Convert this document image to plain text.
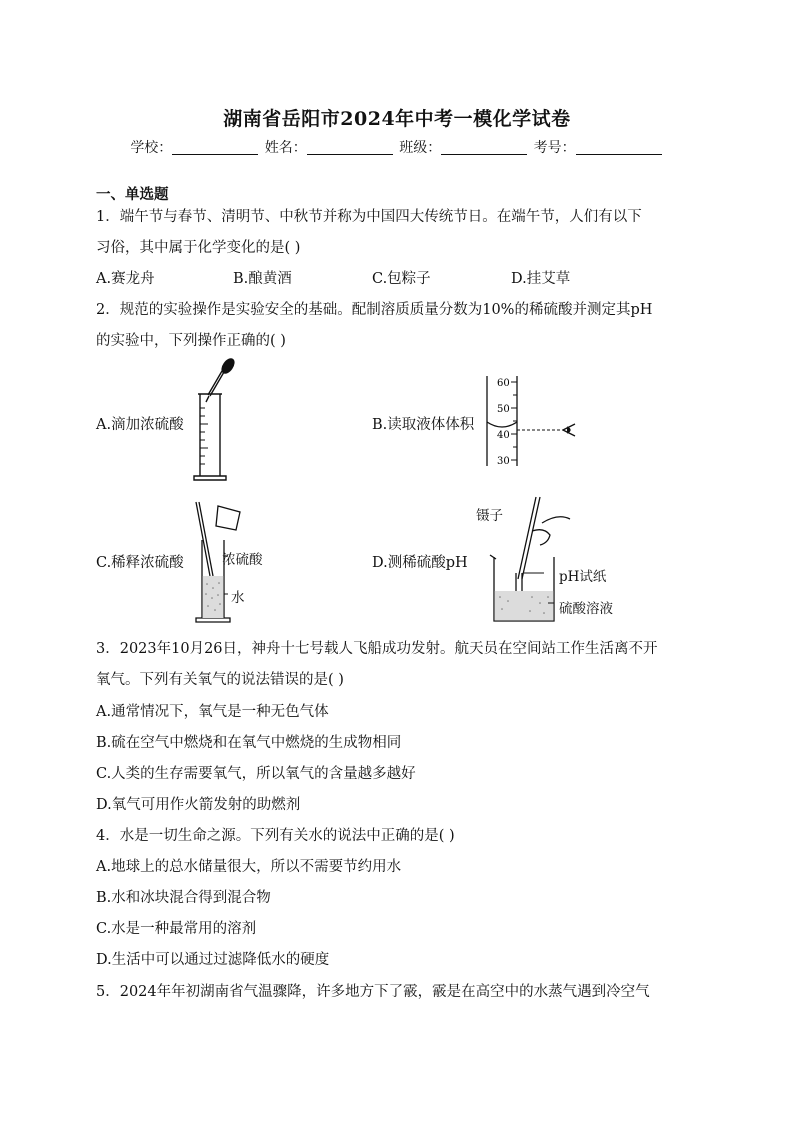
湖南省岳阳市2024年中考一模化学试卷
学校：	姓名：	班级：	考号：
一、单选题
1．端午节与春节、清明节、中秋节并称为中国四大传统节日。在端午节，人们有以下
习俗，其中属于化学变化的是( )
A.赛龙舟	B.酿黄酒	C.包粽子	D.挂艾草
2．规范的实验操作是实验安全的基础。配制溶质质量分数为10%的稀硫酸并测定其pH
的实验中，下列操作正确的( )
A.滴加浓硫酸	B.读取液体体积
C.稀释浓硫酸	D.测稀硫酸pH
60
50
40
30
浓硫酸
水
镊子
pH试纸
硫酸溶液
3．2023年10月26日，神舟十七号载人飞船成功发射。航天员在空间站工作生活离不开
氧气。下列有关氧气的说法错误的是( )
A.通常情况下，氧气是一种无色气体
B.硫在空气中燃烧和在氧气中燃烧的生成物相同
C.人类的生存需要氧气，所以氧气的含量越多越好
D.氧气可用作火箭发射的助燃剂
4．水是一切生命之源。下列有关水的说法中正确的是( )
A.地球上的总水储量很大，所以不需要节约用水
B.水和冰块混合得到混合物
C.水是一种最常用的溶剂
D.生活中可以通过过滤降低水的硬度
5．2024年年初湖南省气温骤降，许多地方下了霰，霰是在高空中的水蒸气遇到冷空气
